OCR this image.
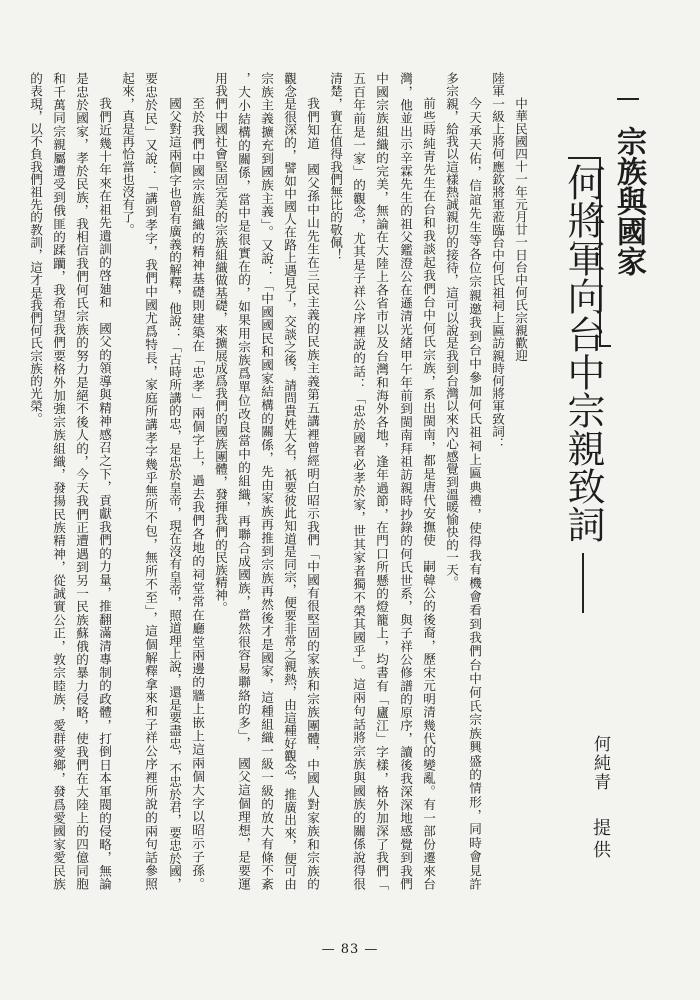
宗族與國家
何將軍向台中宗親致詞
何純青
提供
中華民國四十一年元月廿一日台中何氏宗親歡迎
陸軍一級上將何應欽將軍蒞臨台中何氏祖祠上匾訪親時何將軍致詞：
今天承天佑，信誼先生等各位宗親邀我到台中參加何氏祖祠上匾典禮，使得我有機會看到我們台中何氏宗族興盛的情形，同時會見許
多宗親，給我以這樣熱誠親切的接待，這可以說是我到台灣以來內心感覺到溫暖愉快的一天。
前些時純青先生在台和我談起我們台中何氏宗族，系出閩南，都是唐代安撫使　嗣韓公的後裔，歷宋元明清幾代的變亂。有一部份遷來台
灣，他並出示辛霖先生的祖父鑑澄公在遜清光緒甲午年前到閩南拜祖訪親時抄錄的何氏世系，與子祥公修譜的原序，讀後我深深地感覺到我們
中國宗族組織的完美，無論在大陸上各省市以及台灣和海外各地，逢年過節，在門口所懸的燈籠上，均書有「廬江」字樣，格外加深了我們「
五百年前是一家」的觀念，尤其是子祥公序裡說的話：「忠於國者必孝於家，世其家者獨不榮其國乎」。這兩句話將宗族與國族的關係說得很
清楚，實在值得我們無比的敬佩！
我們知道　國父孫中山先生在三民主義的民族主義第五講裡曾經明白昭示我們「中國有很堅固的家族和宗族團體，中國人對家族和宗族的
觀念是很深的，譬如中國人在路上遇見了，交談之後，請問貴姓大名，祇要彼此知道是同宗，便要非常之親熱，由這種好觀念，推廣出來，便可由
宗族主義擴充到國族主義」。又說：「中國國民和國家結構的關係，先由家族再推到宗族再然後才是國家，這種組織一級一級的放大有條不紊
，大小結構的關係，當中是很實在的，如果用宗族爲單位改良當中的組織，再聯合成國族，當然很容易聯絡的多」，　國父這個理想，是要運
用我們中國社會堅固完美的宗族組織做基礎，來擴展成爲我們的國族團體，發揮我們的民族精神。
至於我們中國宗族組織的精神基礎則建築在「忠孝」兩個字上，過去我們各地的祠堂常在廳堂兩邊的牆上嵌上這兩個大字以昭示子孫。
國父對這兩個字也曾有廣義的解釋，他說：「古時所講的忠，是忠於皇帝，現在沒有皇帝，照道理上說，還是要盡忠，不忠於君，要忠於國，
要忠於民」又說：「講到孝字，我們中國尤爲特長，家庭所講孝字幾乎無所不包，無所不至」，這個解釋拿來和子祥公序裡所說的兩句話參照
起來，真是再恰當也沒有了。
我們近幾十年來在祖先遺訓的啓廸和　國父的領導與精神感召之下，貢獻我們的力量，推翻滿清專制的政體，打倒日本軍閥的侵略，無論
是忠於國家，孝於民族，我相信我們何氏宗族的努力是絕不後人的，今天我們正遭遇到另一民族蘇俄的暴力侵略，使我們在大陸上的四億同胞
和千萬同宗親屬遭受到俄匪的蹂躪，我希望我們要格外加強宗族組織，發揚民族精神，從誠實公正，敦宗睦族，愛群愛鄉，發爲愛國家愛民族
的表現，以不負我們祖先的教訓，這才是我們何氏宗族的光榮。
— 83 —
